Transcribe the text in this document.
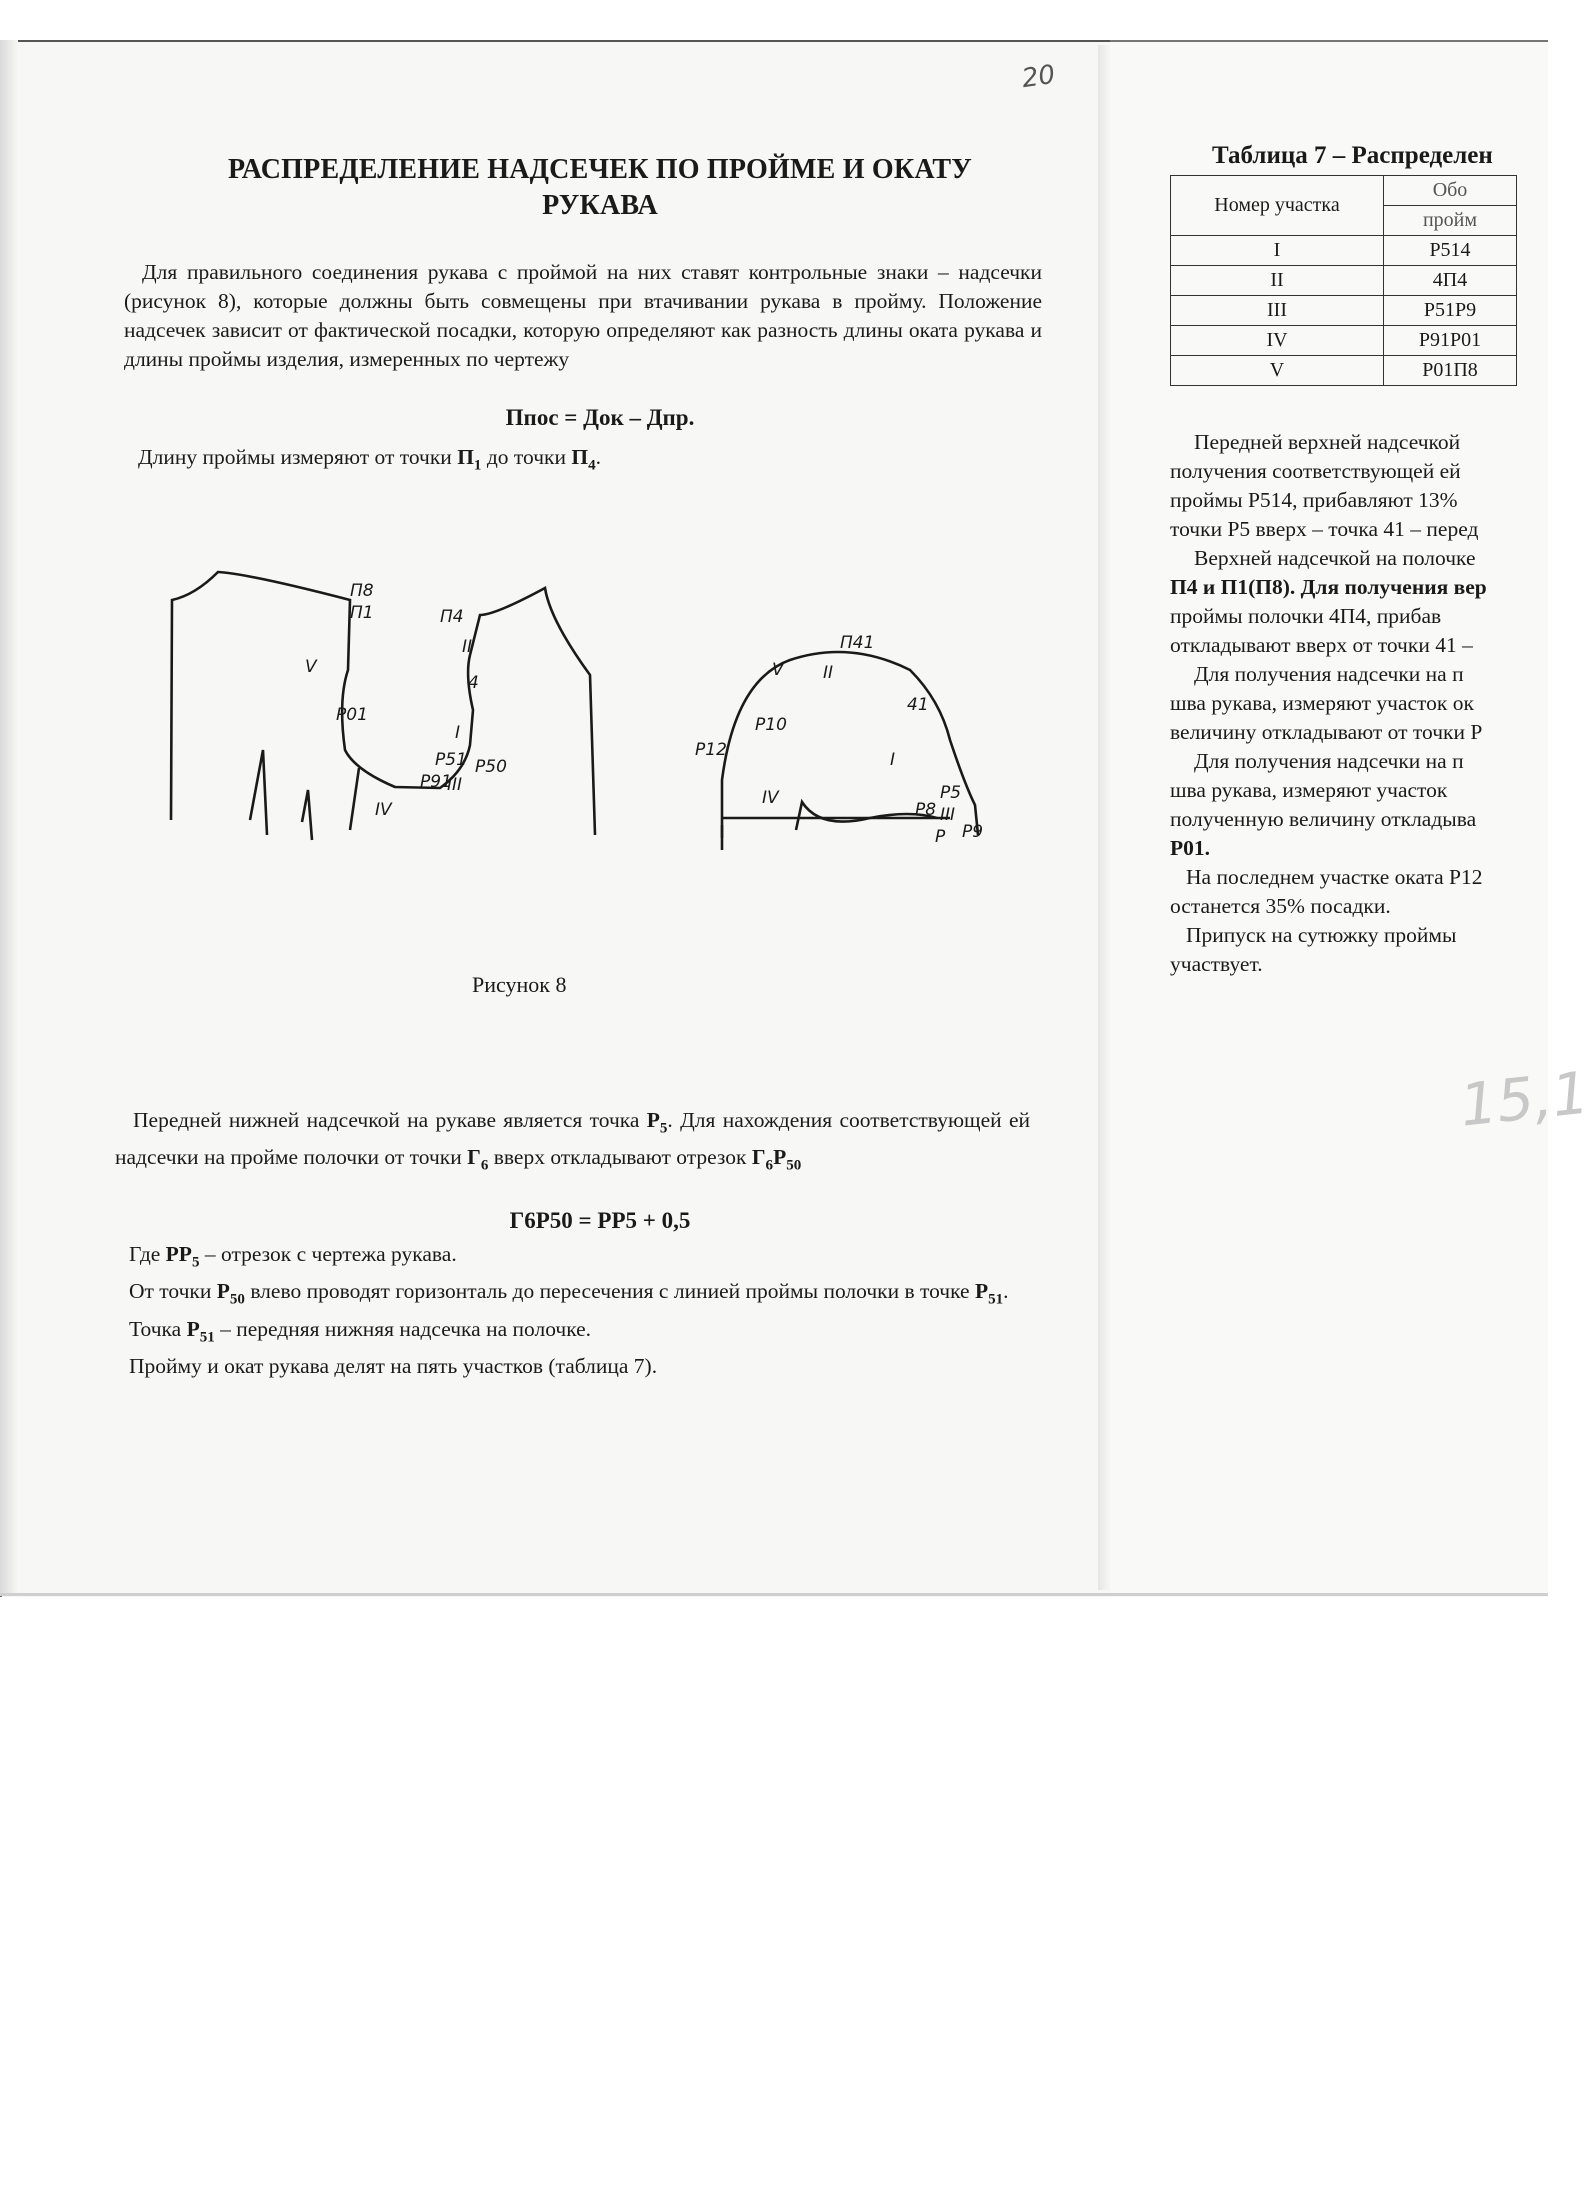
20
РАСПРЕДЕЛЕНИЕ НАДСЕЧЕК ПО ПРОЙМЕ И ОКАТУ
РУКАВА
Для правильного соединения рукава с проймой на них ставят контрольные знаки – надсечки (рисунок 8), которые должны быть совмещены при втачивании рукава в пройму. Положение надсечек зависит от фактической посадки, которую определяют как разность длины оката рукава и длины проймы изделия, измеренных по чертежу
Ппос = Док – Дпр.
Длину проймы измеряют от точки $П_1$ до точки $П_4$.
П8
П1	П4
II
4
V
Р01
I
Р51 Р50
Р91
III
IV
П41
V II
41
Р12
Р10
I
IV	Р5
Р8 III
Р Р9
Рисунок 8
Передней нижней надсечкой на рукаве является точка $Р_5$. Для нахождения соответствующей ей надсечки на пройме полочки от точки $Г_6$ вверх откладывают отрезок $Г_6Р_{50}$
Г6Р50 = РР5 + 0,5

Где $РР_5$ – отрезок с чертежа рукава.

От точки $Р_{50}$ влево проводят горизонталь до пересечения с линией проймы полочки в точке $Р_{51}$.

Точка $Р_{51}$ – передняя нижняя надсечка на полочке.

Пройму и окат рукава делят на пять участков (таблица 7).

Таблица 7 – Распределен
Номер участка	Обо
	пройм
I	Р514
II	4П4
III	Р51Р9
IV	Р91Р01
V	Р01П8

Передней верхней надсечкой

получения соответствующей ей

проймы Р514, прибавляют 13%

точки Р5 вверх – точка 41 – перед

Верхней надсечкой на полочке

П4 и П1(П8). Для получения вер

проймы полочки 4П4, прибав

откладывают вверх от точки 41 –

Для получения надсечки на п

шва рукава, измеряют участок ок

величину откладывают от точки Р

Для получения надсечки на п

шва рукава, измеряют участок

полученную величину откладыва

Р01.

На последнем участке оката Р12

останется 35% посадки.

Припуск на сутюжку проймы

участвует.

15,1
